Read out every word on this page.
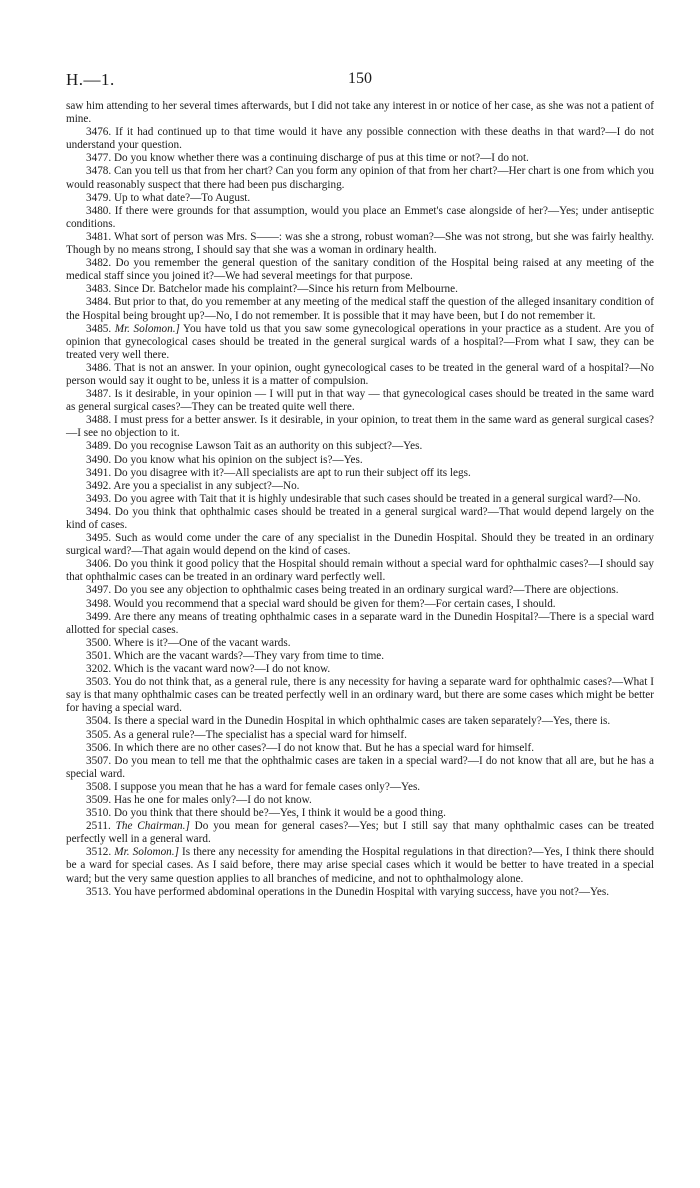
H.—1.	150

saw him attending to her several times afterwards, but I did not take any interest in or notice of her case, as she was not a patient of mine.

3476. If it had continued up to that time would it have any possible connection with these deaths in that ward?—I do not understand your question.

3477. Do you know whether there was a continuing discharge of pus at this time or not?—I do not.

3478. Can you tell us that from her chart? Can you form any opinion of that from her chart?—Her chart is one from which you would reasonably suspect that there had been pus discharging.

3479. Up to what date?—To August.

3480. If there were grounds for that assumption, would you place an Emmet's case alongside of her?—Yes; under antiseptic conditions.

3481. What sort of person was Mrs. S——: was she a strong, robust woman?—She was not strong, but she was fairly healthy. Though by no means strong, I should say that she was a woman in ordinary health.

3482. Do you remember the general question of the sanitary condition of the Hospital being raised at any meeting of the medical staff since you joined it?—We had several meetings for that purpose.

3483. Since Dr. Batchelor made his complaint?—Since his return from Melbourne.

3484. But prior to that, do you remember at any meeting of the medical staff the question of the alleged insanitary condition of the Hospital being brought up?—No, I do not remember. It is possible that it may have been, but I do not remember it.

3485. Mr. Solomon.] You have told us that you saw some gynecological operations in your practice as a student. Are you of opinion that gynecological cases should be treated in the general surgical wards of a hospital?—From what I saw, they can be treated very well there.

3486. That is not an answer. In your opinion, ought gynecological cases to be treated in the general ward of a hospital?—No person would say it ought to be, unless it is a matter of compulsion.

3487. Is it desirable, in your opinion — I will put in that way — that gynecological cases should be treated in the same ward as general surgical cases?—They can be treated quite well there.

3488. I must press for a better answer. Is it desirable, in your opinion, to treat them in the same ward as general surgical cases?—I see no objection to it.

3489. Do you recognise Lawson Tait as an authority on this subject?—Yes.

3490. Do you know what his opinion on the subject is?—Yes.

3491. Do you disagree with it?—All specialists are apt to run their subject off its legs.

3492. Are you a specialist in any subject?—No.

3493. Do you agree with Tait that it is highly undesirable that such cases should be treated in a general surgical ward?—No.

3494. Do you think that ophthalmic cases should be treated in a general surgical ward?—That would depend largely on the kind of cases.

3495. Such as would come under the care of any specialist in the Dunedin Hospital. Should they be treated in an ordinary surgical ward?—That again would depend on the kind of cases.

3406. Do you think it good policy that the Hospital should remain without a special ward for ophthalmic cases?—I should say that ophthalmic cases can be treated in an ordinary ward perfectly well.

3497. Do you see any objection to ophthalmic cases being treated in an ordinary surgical ward?—There are objections.

3498. Would you recommend that a special ward should be given for them?—For certain cases, I should.

3499. Are there any means of treating ophthalmic cases in a separate ward in the Dunedin Hospital?—There is a special ward allotted for special cases.

3500. Where is it?—One of the vacant wards.

3501. Which are the vacant wards?—They vary from time to time.

3202. Which is the vacant ward now?—I do not know.

3503. You do not think that, as a general rule, there is any necessity for having a separate ward for ophthalmic cases?—What I say is that many ophthalmic cases can be treated perfectly well in an ordinary ward, but there are some cases which might be better for having a special ward.

3504. Is there a special ward in the Dunedin Hospital in which ophthalmic cases are taken separately?—Yes, there is.

3505. As a general rule?—The specialist has a special ward for himself.

3506. In which there are no other cases?—I do not know that. But he has a special ward for himself.

3507. Do you mean to tell me that the ophthalmic cases are taken in a special ward?—I do not know that all are, but he has a special ward.

3508. I suppose you mean that he has a ward for female cases only?—Yes.

3509. Has he one for males only?—I do not know.

3510. Do you think that there should be?—Yes, I think it would be a good thing.

2511. The Chairman.] Do you mean for general cases?—Yes; but I still say that many ophthalmic cases can be treated perfectly well in a general ward.

3512. Mr. Solomon.] Is there any necessity for amending the Hospital regulations in that direction?—Yes, I think there should be a ward for special cases. As I said before, there may arise special cases which it would be better to have treated in a special ward; but the very same question applies to all branches of medicine, and not to ophthalmology alone.

3513. You have performed abdominal operations in the Dunedin Hospital with varying success, have you not?—Yes.
